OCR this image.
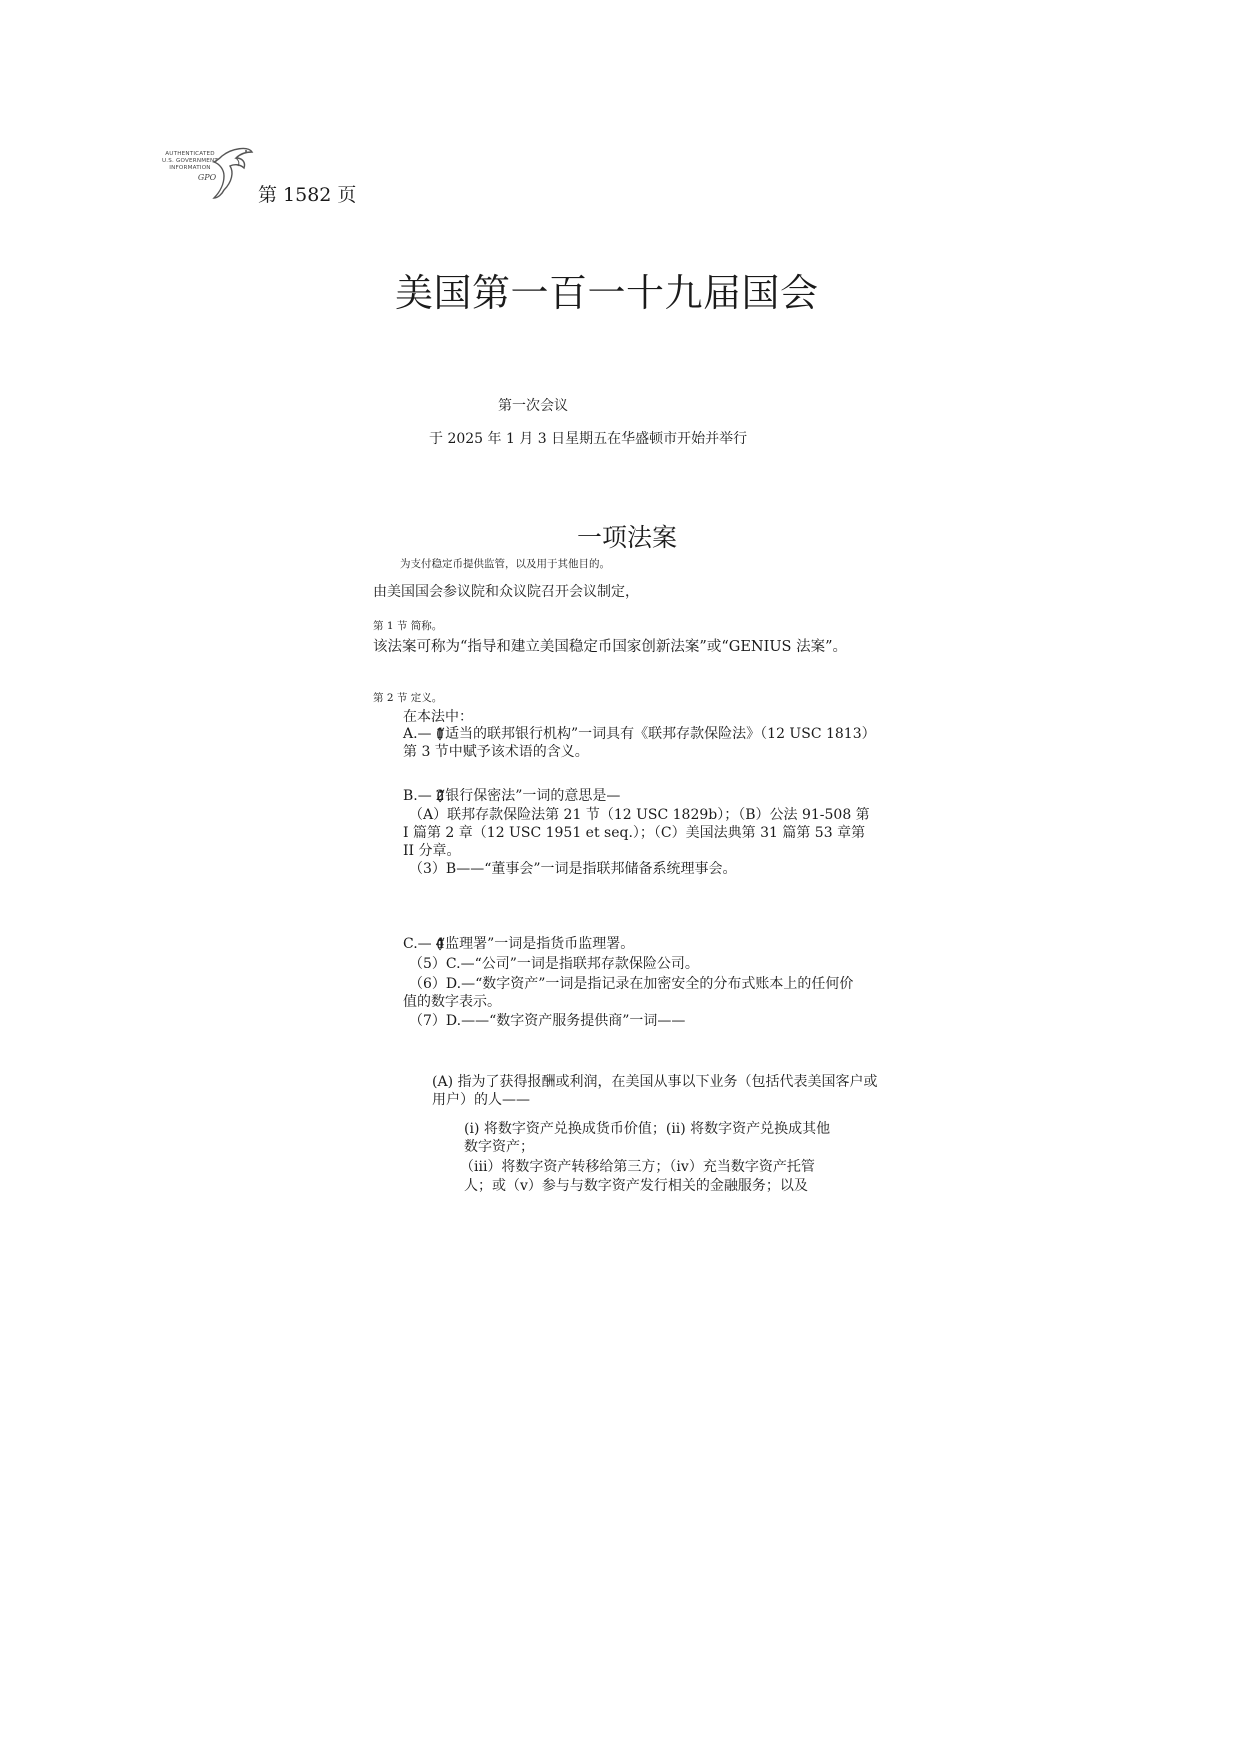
AUTHENTICATED
U.S. GOVERNMENT
INFORMATION
GPO
第 1582 页
美国第一百一十九届国会
第一次会议
于 2025 年 1 月 3 日星期五在华盛顿市开始并举行
一项法案
为支付稳定币提供监管，以及用于其他目的。
由美国国会参议院和众议院召开会议制定，
第 1 节 简称。
该法案可称为“指导和建立美国稳定币国家创新法案”或“GENIUS 法案”。
第 2 节 定义。
在本法中：
A.— (1)“适当的联邦银行机构”一词具有《联邦存款保险法》（12 USC 1813）
第 3 节中赋予该术语的含义。
B.— (2)“银行保密法”一词的意思是—
（A）联邦存款保险法第 21 节（12 USC 1829b）；（B）公法 91-508 第
I 篇第 2 章（12 USC 1951 et seq.）；（C）美国法典第 31 篇第 53 章第
II 分章。
（3）B——“董事会”一词是指联邦储备系统理事会。
C.— (4)“监理署”一词是指货币监理署。
（5）C.—“公司”一词是指联邦存款保险公司。
（6）D.—“数字资产”一词是指记录在加密安全的分布式账本上的任何价
值的数字表示。
（7）D.——“数字资产服务提供商”一词——
(A) 指为了获得报酬或利润，在美国从事以下业务（包括代表美国客户或
用户）的人——
(i) 将数字资产兑换成货币价值；(ii) 将数字资产兑换成其他
数字资产；
（iii）将数字资产转移给第三方；（iv）充当数字资产托管
人；或（v）参与与数字资产发行相关的金融服务；以及
